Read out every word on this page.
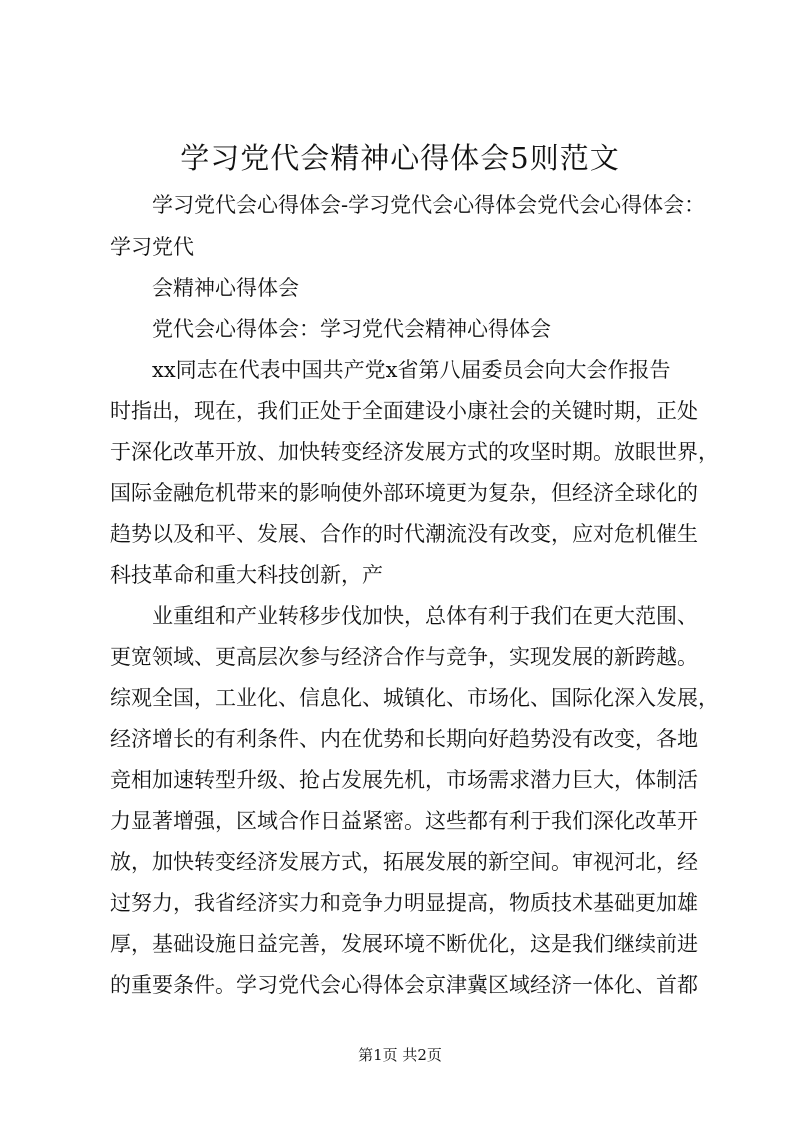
学习党代会精神心得体会5则范文
学习党代会心得体会-学习党代会心得体会党代会心得体会：
学习党代
会精神心得体会
党代会心得体会：学习党代会精神心得体会
xx同志在代表中国共产党x省第八届委员会向大会作报告
时指出，现在，我们正处于全面建设小康社会的关键时期，正处
于深化改革开放、加快转变经济发展方式的攻坚时期。放眼世界，
国际金融危机带来的影响使外部环境更为复杂，但经济全球化的
趋势以及和平、发展、合作的时代潮流没有改变，应对危机催生
科技革命和重大科技创新，产
业重组和产业转移步伐加快，总体有利于我们在更大范围、
更宽领域、更高层次参与经济合作与竞争，实现发展的新跨越。
综观全国，工业化、信息化、城镇化、市场化、国际化深入发展，
经济增长的有利条件、内在优势和长期向好趋势没有改变，各地
竞相加速转型升级、抢占发展先机，市场需求潜力巨大，体制活
力显著增强，区域合作日益紧密。这些都有利于我们深化改革开
放，加快转变经济发展方式，拓展发展的新空间。审视河北，经
过努力，我省经济实力和竞争力明显提高，物质技术基础更加雄
厚，基础设施日益完善，发展环境不断优化，这是我们继续前进
的重要条件。学习党代会心得体会京津冀区域经济一体化、首都
第1页 共2页
